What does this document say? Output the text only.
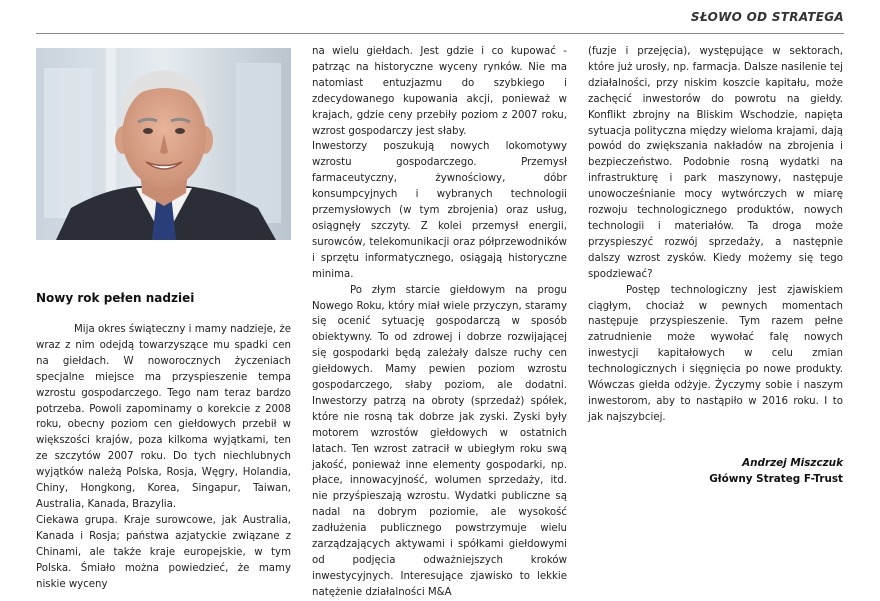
SŁOWO OD STRATEGA
Nowy rok pełen nadziei

Mija okres świąteczny i mamy nadzieje, że wraz z nim odejdą towarzyszące mu spadki cen na giełdach. W noworocznych życzeniach specjalne miejsce ma przyspieszenie tempa wzrostu gospodarczego. Tego nam teraz bardzo potrzeba. Powoli zapominamy o korekcie z 2008 roku, obecny poziom cen giełdowych przebił w większości krajów, poza kilkoma wyjątkami, ten ze szczytów 2007 roku. Do tych niechlubnych wyjątków należą Polska, Rosja, Węgry, Holandia, Chiny, Hongkong, Korea, Singapur, Taiwan, Australia, Kanada, Brazylia.

Ciekawa grupa. Kraje surowcowe, jak Australia, Kanada i Rosja; państwa azjatyckie związane z Chinami, ale także kraje europejskie, w tym Polska. Śmiało można powiedzieć, że mamy niskie wyceny

na wielu giełdach. Jest gdzie i co kupować - patrząc na historyczne wyceny rynków. Nie ma natomiast entuzjazmu do szybkiego i zdecydowanego kupowania akcji, ponieważ w krajach, gdzie ceny przebiły poziom z 2007 roku, wzrost gospodarczy jest słaby.

Inwestorzy poszukują nowych lokomotywy wzrostu gospodarczego. Przemysł farmaceutyczny, żywnościowy, dóbr konsumpcyjnych i wybranych technologii przemysłowych (w tym zbrojenia) oraz usług, osiągnęły szczyty. Z kolei przemysł energii, surowców, telekomunikacji oraz półprzewodników i sprzętu informatycznego, osiągają historyczne minima.

Po złym starcie giełdowym na progu Nowego Roku, który miał wiele przyczyn, staramy się ocenić sytuację gospodarczą w sposób obiektywny. To od zdrowej i dobrze rozwijającej się gospodarki będą zależały dalsze ruchy cen giełdowych. Mamy pewien poziom wzrostu gospodarczego, słaby poziom, ale dodatni. Inwestorzy patrzą na obroty (sprzedaż) spółek, które nie rosną tak dobrze jak zyski. Zyski były motorem wzrostów giełdowych w ostatnich latach. Ten wzrost zatracił w ubiegłym roku swą jakość, ponieważ inne elementy gospodarki, np. płace, innowacyjność, wolumen sprzedaży, itd. nie przyśpieszają wzrostu. Wydatki publiczne są nadal na dobrym poziomie, ale wysokość zadłużenia publicznego powstrzymuje wielu zarządzających aktywami i spółkami giełdowymi od podjęcia odważniejszych kroków inwestycyjnych. Interesujące zjawisko to lekkie natężenie działalności M&A

(fuzje i przejęcia), występujące w sektorach, które już urosły, np. farmacja. Dalsze nasilenie tej działalności, przy niskim koszcie kapitału, może zachęcić inwestorów do powrotu na giełdy. Konflikt zbrojny na Bliskim Wschodzie, napięta sytuacja polityczna między wieloma krajami, dają powód do zwiększania nakładów na zbrojenia i bezpieczeństwo. Podobnie rosną wydatki na infrastrukturę i park maszynowy, następuje unowocześnianie mocy wytwórczych w miarę rozwoju technologicznego produktów, nowych technologii i materiałów. Ta droga może przyspieszyć rozwój sprzedaży, a następnie dalszy wzrost zysków. Kiedy możemy się tego spodziewać?

Postęp technologiczny jest zjawiskiem ciągłym, chociaż w pewnych momentach następuje przyspieszenie. Tym razem pełne zatrudnienie może wywołać falę nowych inwestycji kapitałowych w celu zmian technologicznych i sięgnięcia po nowe produkty. Wówczas giełda odżyje. Życzymy sobie i naszym inwestorom, aby to nastąpiło w 2016 roku. I to jak najszybciej.

Andrzej Miszczuk
Główny Strateg F-Trust
